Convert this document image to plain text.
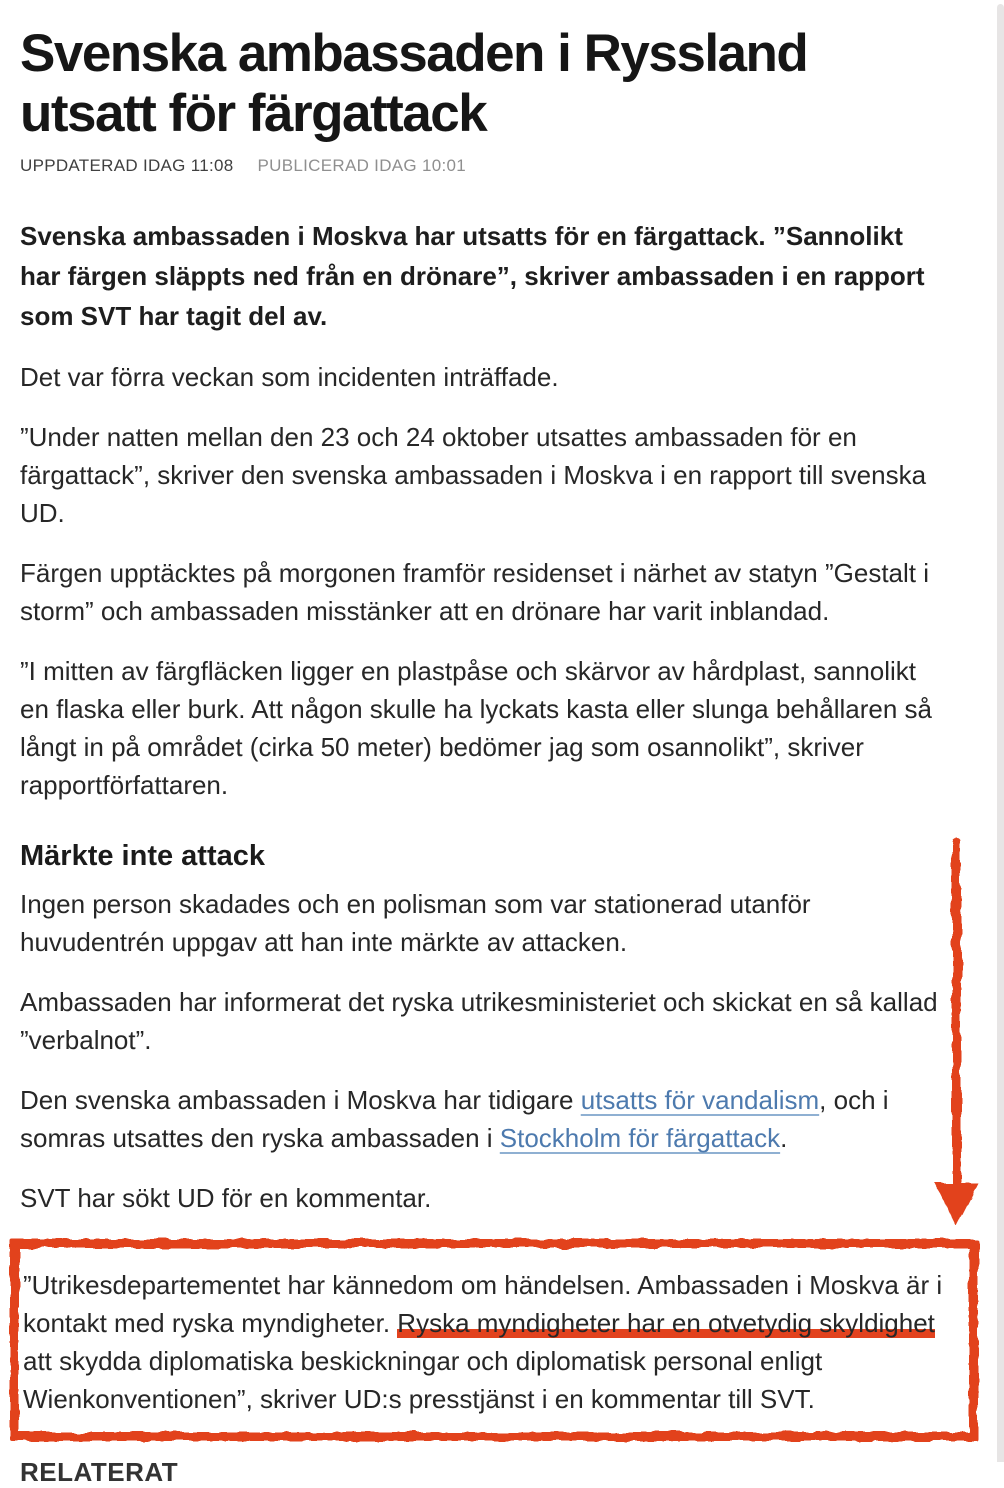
Svenska ambassaden i Ryssland
utsatt för färgattack
UPPDATERAD IDAG 11:08 PUBLICERAD IDAG 10:01

Svenska ambassaden i Moskva har utsatts för en färgattack. ”Sannolikt har färgen släppts ned från en drönare”, skriver ambassaden i en rapport som SVT har tagit del av.

Det var förra veckan som incidenten inträffade.

”Under natten mellan den 23 och 24 oktober utsattes ambassaden för en färgattack”, skriver den svenska ambassaden i Moskva i en rapport till svenska UD.

Färgen upptäcktes på morgonen framför residenset i närhet av statyn ”Gestalt i storm” och ambassaden misstänker att en drönare har varit inblandad.

”I mitten av färgfläcken ligger en plastpåse och skärvor av hårdplast, sannolikt en flaska eller burk. Att någon skulle ha lyckats kasta eller slunga behållaren så långt in på området (cirka 50 meter) bedömer jag som osannolikt”, skriver rapportförfattaren.

Märkte inte attack

Ingen person skadades och en polisman som var stationerad utanför huvudentrén uppgav att han inte märkte av attacken.

Ambassaden har informerat det ryska utrikesministeriet och skickat en så kallad ”verbalnot”.

Den svenska ambassaden i Moskva har tidigare utsatts för vandalism, och i somras utsattes den ryska ambassaden i Stockholm för färgattack.

SVT har sökt UD för en kommentar.

”Utrikesdepartementet har kännedom om händelsen. Ambassaden i Moskva är i kontakt med ryska myndigheter. Ryska myndigheter har en otvetydig skyldighet att skydda diplomatiska beskickningar och diplomatisk personal enligt Wienkonventionen”, skriver UD:s presstjänst i en kommentar till SVT.

RELATERAT
